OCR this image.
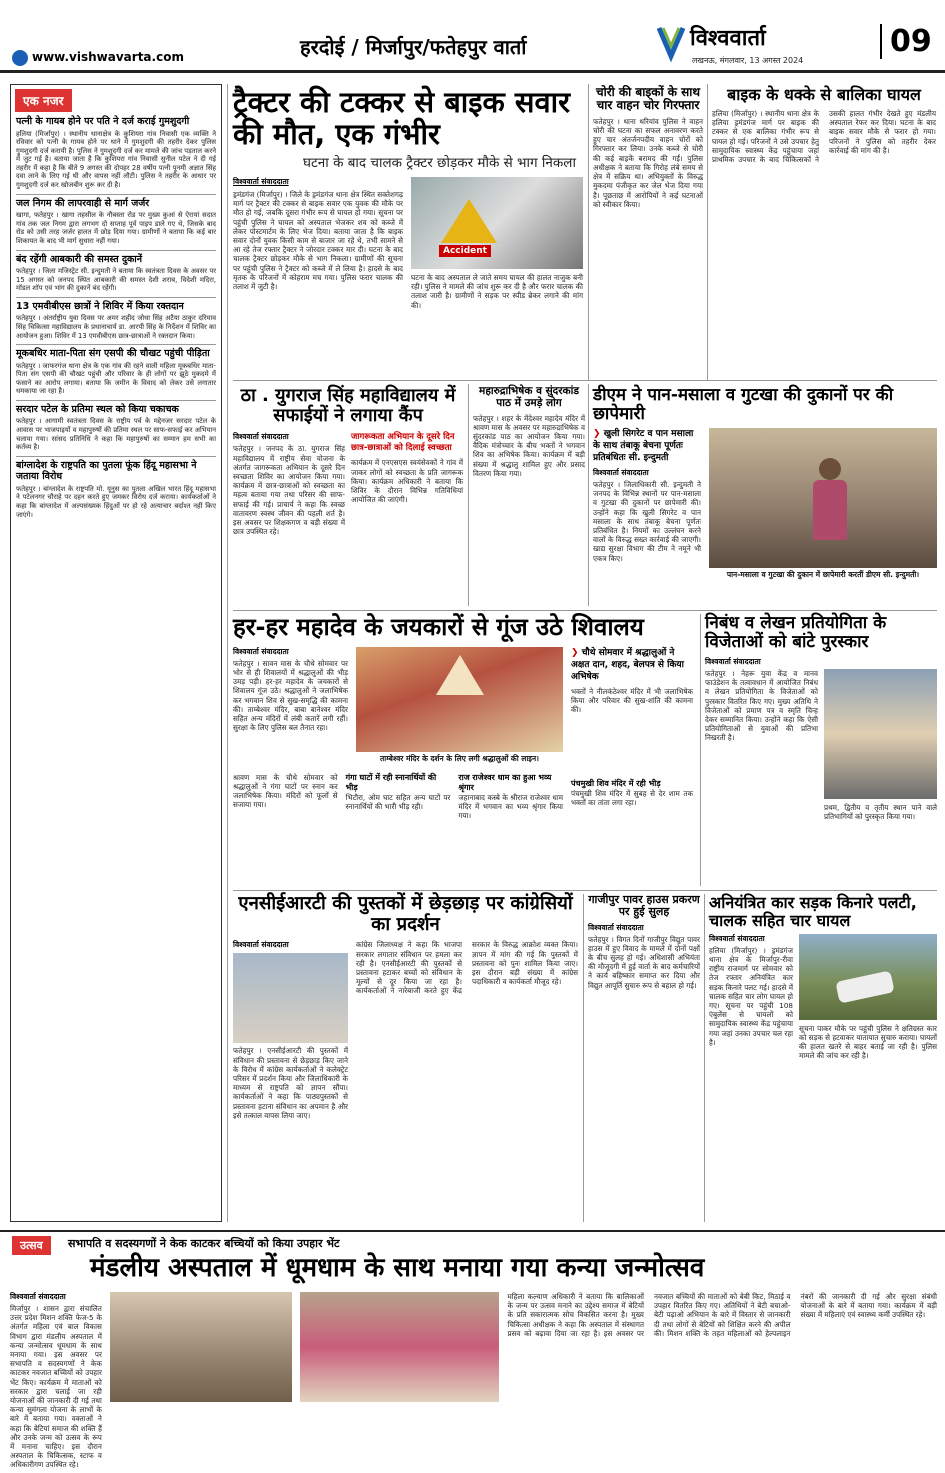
www.vishwavarta.com	हरदोई / मिर्जापुर/फतेहपुर वार्ता	विश्ववार्ता
लखनऊ, मंगलवार, 13 अगस्त 2024
09
एक नजर
पत्नी के गायब होने पर पति ने दर्ज कराई गुमशुदगी
हलिया (मिर्जापुर) । स्थानीय थानाक्षेत्र के कुशियरा गांव निवासी एक व्यक्ति ने रविवार को पत्नी के गायब होने पर थाने में गुमशुदगी की तहरीर देकर पुलिस गुमशुदगी दर्ज करायी है। पुलिस ने गुमशुदगी दर्ज कर मामले की जांच पड़ताल करने में जुट गई है। बताया जाता है कि कुशियरा गांव निवासी सुनील पटेल ने दी गई तहरीर में कहा है कि बीते 9 अगस्त की दोपहर 28 वर्षीय पत्नी पूनमी अज्ञात सिंह दवा लाने के लिए गई थी और वापस नहीं लौटी। पुलिस ने तहरीर के आधार पर गुमशुदगी दर्ज कर खोजबीन शुरू कर दी है।
जल निगम की लापरवाही से मार्ग जर्जर
खागा, फतेहपुर । खागा तहसील के नौबस्ता रोड पर मुख्य कुआं से ऐरायां सदात गांव तक जल निगम द्वारा लगभग दो सप्ताह पूर्व पाइप डाले गए थे, जिसके बाद रोड को उसी तरह जर्जर हालत में छोड़ दिया गया। ग्रामीणों ने बताया कि कई बार शिकायत के बाद भी मार्ग सुधारा नहीं गया।
बंद रहेंगी आबकारी की समस्त दुकानें
फतेहपुर । जिला मजिस्ट्रेट सी. इन्दुमती ने बताया कि स्वतंत्रता दिवस के अवसर पर 15 अगस्त को जनपद स्थित आबकारी की समस्त देशी शराब, विदेशी मदिरा, मॉडल शॉप एवं भांग की दुकानें बंद रहेंगी।
13 एमवीबीएस छात्रों ने शिविर में किया रक्तदान
फतेहपुर । अंतर्राष्ट्रीय युवा दिवस पर अमर शहीद जोधा सिंह अटैया ठाकुर दरियाव सिंह चिकित्सा महाविद्यालय के प्रधानाचार्य डा. आरपी सिंह के निर्देशन में शिविर का आयोजन हुआ। शिविर में 13 एमवीबीएस छात्र-छात्राओं ने रक्तदान किया।
मूकबधिर माता-पिता संग एसपी की चौखट पहुंची पीड़िता
फतेहपुर । जाफरगंज थाना क्षेत्र के एक गांव की रहने वाली महिला मूकबधिर माता-पिता संग एसपी की चौखट पहुंची और परिवार के ही लोगों पर झूठे मुकदमे में फंसाने का आरोप लगाया। बताया कि जमीन के विवाद को लेकर उसे लगातार धमकाया जा रहा है।
सरदार पटेल के प्रतिमा स्थल को किया चकाचक
फतेहपुर । आगामी स्वतंत्रता दिवस के राष्ट्रीय पर्व के मद्देनजर सरदार पटेल के आवास पर भाजपाइयों व महापुरुषों की प्रतिमा स्थल पर साफ-सफाई कर अभियान चलाया गया। सांसद प्रतिनिधि ने कहा कि महापुरुषों का सम्मान हम सभी का कर्तव्य है।
बांग्लादेश के राष्ट्रपति का पुतला फूंक हिंदू महासभा ने जताया विरोध
फतेहपुर । बांग्लादेश के राष्ट्रपति मो. यूनुस का पुतला अखिल भारत हिंदू महासभा ने पटेलनगर चौराहे पर दहन करते हुए जमकर विरोध दर्ज कराया। कार्यकर्ताओं ने कहा कि बांग्लादेश में अल्पसंख्यक हिंदुओं पर हो रहे अत्याचार बर्दाश्त नहीं किए जाएंगे।
ट्रैक्टर की टक्कर से बाइक सवार की मौत, एक गंभीर
घटना के बाद चालक ट्रैक्टर छोड़कर मौके से भाग निकला
विश्ववार्ता संवाददाता
ड्रमंडगंज (मिर्जापुर) । जिले के ड्रमंडगंज थाना क्षेत्र स्थित सक्तेशगढ़ मार्ग पर ट्रैक्टर की टक्कर से बाइक सवार एक युवक की मौके पर मौत हो गई, जबकि दूसरा गंभीर रूप से घायल हो गया। सूचना पर पहुंची पुलिस ने घायल को अस्पताल भेजकर शव को कब्जे में लेकर पोस्टमार्टम के लिए भेज दिया। बताया जाता है कि बाइक सवार दोनों युवक किसी काम से बाजार जा रहे थे, तभी सामने से आ रहे तेज रफ्तार ट्रैक्टर ने जोरदार टक्कर मार दी। घटना के बाद चालक ट्रैक्टर छोड़कर मौके से भाग निकला। ग्रामीणों की सूचना पर पहुंची पुलिस ने ट्रैक्टर को कब्जे में ले लिया है। हादसे के बाद मृतक के परिजनों में कोहराम मच गया। पुलिस फरार चालक की तलाश में जुटी है।
Accident
घटना के बाद अस्पताल ले जाते समय घायल की हालत नाजुक बनी रही। पुलिस ने मामले की जांच शुरू कर दी है और फरार चालक की तलाश जारी है। ग्रामीणों ने सड़क पर स्पीड ब्रेकर लगाने की मांग की।
चोरी की बाइकों के साथ चार वाहन चोर गिरफ्तार
फतेहपुर । थाना थरियांव पुलिस ने वाहन चोरी की घटना का सफल अनावरण करते हुए चार अंतर्जनपदीय वाहन चोरों को गिरफ्तार कर लिया। उनके कब्जे से चोरी की कई बाइकें बरामद की गईं। पुलिस अधीक्षक ने बताया कि गिरोह लंबे समय से क्षेत्र में सक्रिय था। अभियुक्तों के विरुद्ध मुकदमा पंजीकृत कर जेल भेज दिया गया है। पूछताछ में आरोपियों ने कई घटनाओं को स्वीकार किया।
बाइक के धक्के से बालिका घायल
हलिया (मिर्जापुर) । स्थानीय थाना क्षेत्र के हलिया ड्रमंडगंज मार्ग पर बाइक की टक्कर से एक बालिका गंभीर रूप से घायल हो गई। परिजनों ने उसे उपचार हेतु सामुदायिक स्वास्थ्य केंद्र पहुंचाया जहां प्राथमिक उपचार के बाद चिकित्सकों ने उसकी हालत गंभीर देखते हुए मंडलीय अस्पताल रेफर कर दिया। घटना के बाद बाइक सवार मौके से फरार हो गया। परिजनों ने पुलिस को तहरीर देकर कार्रवाई की मांग की है।
ठा . युगराज सिंह महाविद्यालय में सफाईयों ने लगाया कैंप
विश्ववार्ता संवाददाता
फतेहपुर । जनपद के ठा. युगराज सिंह महाविद्यालय में राष्ट्रीय सेवा योजना के अंतर्गत जागरूकता अभियान के दूसरे दिन स्वच्छता शिविर का आयोजन किया गया। कार्यक्रम में छात्र-छात्राओं को स्वच्छता का महत्व बताया गया तथा परिसर की साफ-सफाई की गई। प्राचार्य ने कहा कि स्वच्छ वातावरण स्वस्थ जीवन की पहली शर्त है। इस अवसर पर शिक्षकगण व बड़ी संख्या में छात्र उपस्थित रहे।
जागरूकता अभियान के दूसरे दिन छात्र-छात्राओं को दिलाई स्वच्छता
कार्यक्रम में एनएसएस स्वयंसेवकों ने गांव में जाकर लोगों को स्वच्छता के प्रति जागरूक किया। कार्यक्रम अधिकारी ने बताया कि शिविर के दौरान विभिन्न गतिविधियां आयोजित की जाएंगी।
महारुद्राभिषेक व सुंदरकांड पाठ में उमड़े लोग
फतेहपुर । शहर के मेंदेश्वर महादेव मंदिर में श्रावण मास के अवसर पर महारुद्राभिषेक व सुंदरकांड पाठ का आयोजन किया गया। वैदिक मंत्रोच्चार के बीच भक्तों ने भगवान शिव का अभिषेक किया। कार्यक्रम में बड़ी संख्या में श्रद्धालु शामिल हुए और प्रसाद वितरण किया गया।
डीएम ने पान-मसाला व गुटखा की दुकानों पर की छापेमारी
❯ खुली सिगरेट व पान मसाला के साथ तंबाकू बेचना पूर्णतः प्रतिबंधितः सी. इन्दुमती
विश्ववार्ता संवाददाता
फतेहपुर । जिलाधिकारी सी. इन्दुमती ने जनपद के विभिन्न स्थानों पर पान-मसाला व गुटखा की दुकानों पर छापेमारी की। उन्होंने कहा कि खुली सिगरेट व पान मसाला के साथ तंबाकू बेचना पूर्णतः प्रतिबंधित है। नियमों का उल्लंघन करने वालों के विरुद्ध सख्त कार्रवाई की जाएगी। खाद्य सुरक्षा विभाग की टीम ने नमूने भी एकत्र किए।
पान-मसाला व गुटखा की दुकान में छापेमारी करतीं डीएम सी. इन्दुमती।
हर-हर महादेव के जयकारों से गूंज उठे शिवालय
विश्ववार्ता संवाददाता
फतेहपुर । सावन मास के चौथे सोमवार पर भोर से ही शिवालयों में श्रद्धालुओं की भीड़ उमड़ पड़ी। हर-हर महादेव के जयकारों से शिवालय गूंज उठे। श्रद्धालुओं ने जलाभिषेक कर भगवान शिव से सुख-समृद्धि की कामना की। ताम्बेश्वर मंदिर, बाबा बानेश्वर मंदिर सहित अन्य मंदिरों में लंबी कतारें लगी रहीं। सुरक्षा के लिए पुलिस बल तैनात रहा।
ताम्बेश्वर मंदिर के दर्शन के लिए लगी श्रद्धालुओं की लाइन।
श्रावण मास के चौथे सोमवार को श्रद्धालुओं ने गंगा घाटों पर स्नान कर जलाभिषेक किया। मंदिरों को फूलों से सजाया गया।
गंगा घाटों में रही स्नानार्थियों की भीड़
भिटौरा, ओम घाट सहित अन्य घाटों पर स्नानार्थियों की भारी भीड़ रही।
राज राजेश्वर धाम का हुआ भव्य श्रृंगार
जहानाबाद कस्बे के श्रीराज राजेश्वर धाम मंदिर में भगवान का भव्य श्रृंगार किया गया।
❯ चौथे सोमवार में श्रद्धालुओं ने अक्षत दान, शहद, बेलपत्र से किया अभिषेक
भक्तों ने नीलकंठेश्वर मंदिर में भी जलाभिषेक किया और परिवार की सुख-शांति की कामना की।
पंचमुखी शिव मंदिर में रही भीड़
पंचमुखी शिव मंदिर में सुबह से देर शाम तक भक्तों का तांता लगा रहा।
निबंध व लेखन प्रतियोगिता के विजेताओं को बांटे पुरस्कार
विश्ववार्ता संवाददाता
फतेहपुर । नेहरू युवा केंद्र व मानव फाउंडेशन के तत्वावधान में आयोजित निबंध व लेखन प्रतियोगिता के विजेताओं को पुरस्कार वितरित किए गए। मुख्य अतिथि ने विजेताओं को प्रमाण पत्र व स्मृति चिन्ह देकर सम्मानित किया। उन्होंने कहा कि ऐसी प्रतियोगिताओं से युवाओं की प्रतिभा निखरती है।
प्रथम, द्वितीय व तृतीय स्थान पाने वाले प्रतिभागियों को पुरस्कृत किया गया।
एनसीईआरटी की पुस्तकों में छेड़छाड़ पर कांग्रेसियों का प्रदर्शन
विश्ववार्ता संवाददाता
फतेहपुर । एनसीईआरटी की पुस्तकों में संविधान की प्रस्तावना से छेड़छाड़ किए जाने के विरोध में कांग्रेस कार्यकर्ताओं ने कलेक्ट्रेट परिसर में प्रदर्शन किया और जिलाधिकारी के माध्यम से राष्ट्रपति को ज्ञापन सौंपा। कार्यकर्ताओं ने कहा कि पाठ्यपुस्तकों से प्रस्तावना हटाना संविधान का अपमान है और इसे तत्काल वापस लिया जाए।
कांग्रेस जिलाध्यक्ष ने कहा कि भाजपा सरकार लगातार संविधान पर हमला कर रही है। एनसीईआरटी की पुस्तकों से प्रस्तावना हटाकर बच्चों को संविधान के मूल्यों से दूर किया जा रहा है। कार्यकर्ताओं ने नारेबाजी करते हुए केंद्र सरकार के विरुद्ध आक्रोश व्यक्त किया। ज्ञापन में मांग की गई कि पुस्तकों में प्रस्तावना को पुनः शामिल किया जाए। इस दौरान बड़ी संख्या में कांग्रेस पदाधिकारी व कार्यकर्ता मौजूद रहे।
गाजीपुर पावर हाउस प्रकरण पर हुई सुलह
विश्ववार्ता संवाददाता
फतेहपुर । विगत दिनों गाजीपुर विद्युत पावर हाउस में हुए विवाद के मामले में दोनों पक्षों के बीच सुलह हो गई। अधिशासी अभियंता की मौजूदगी में हुई वार्ता के बाद कर्मचारियों ने कार्य बहिष्कार समाप्त कर दिया और विद्युत आपूर्ति सुचारु रूप से बहाल हो गई।
अनियंत्रित कार सड़क किनारे पलटी, चालक सहित चार घायल
विश्ववार्ता संवाददाता
हलिया (मिर्जापुर) । ड्रमंडगंज थाना क्षेत्र के मिर्जापुर-रीवा राष्ट्रीय राजमार्ग पर सोमवार को तेज रफ्तार अनियंत्रित कार सड़क किनारे पलट गई। हादसे में चालक सहित चार लोग घायल हो गए। सूचना पर पहुंची 108 एंबुलेंस से घायलों को सामुदायिक स्वास्थ्य केंद्र पहुंचाया गया जहां उनका उपचार चल रहा है।
सूचना पाकर मौके पर पहुंची पुलिस ने क्षतिग्रस्त कार को सड़क से हटवाकर यातायात सुचारु कराया। घायलों की हालत खतरे से बाहर बताई जा रही है। पुलिस मामले की जांच कर रही है।
उत्सव	सभापति व सदस्यगणों ने केक काटकर बच्चियों को किया उपहार भेंट
मंडलीय अस्पताल में धूमधाम के साथ मनाया गया कन्या जन्मोत्सव
विश्ववार्ता संवाददाता
मिर्जापुर । शासन द्वारा संचालित उत्तर प्रदेश मिशन शक्ति फेज-5 के अंतर्गत महिला एवं बाल विकास विभाग द्वारा मंडलीय अस्पताल में कन्या जन्मोत्सव धूमधाम के साथ मनाया गया। इस अवसर पर सभापति व सदस्यगणों ने केक काटकर नवजात बच्चियों को उपहार भेंट किए। कार्यक्रम में माताओं को सरकार द्वारा चलाई जा रही योजनाओं की जानकारी दी गई तथा कन्या सुमंगला योजना के लाभों के बारे में बताया गया। वक्ताओं ने कहा कि बेटियां समाज की शक्ति हैं और उनके जन्म को उत्सव के रूप में मनाना चाहिए। इस दौरान अस्पताल के चिकित्सक, स्टाफ व अधिकारीगण उपस्थित रहे।
महिला कल्याण अधिकारी ने बताया कि बालिकाओं के जन्म पर उत्सव मनाने का उद्देश्य समाज में बेटियों के प्रति सकारात्मक सोच विकसित करना है। मुख्य चिकित्सा अधीक्षक ने कहा कि अस्पताल में संस्थागत प्रसव को बढ़ावा दिया जा रहा है। इस अवसर पर नवजात बच्चियों की माताओं को बेबी किट, मिठाई व उपहार वितरित किए गए। अतिथियों ने बेटी बचाओ-बेटी पढ़ाओ अभियान के बारे में विस्तार से जानकारी दी तथा लोगों से बेटियों को शिक्षित करने की अपील की। मिशन शक्ति के तहत महिलाओं को हेल्पलाइन नंबरों की जानकारी दी गई और सुरक्षा संबंधी योजनाओं के बारे में बताया गया। कार्यक्रम में बड़ी संख्या में महिलाएं एवं स्वास्थ्य कर्मी उपस्थित रहे।
